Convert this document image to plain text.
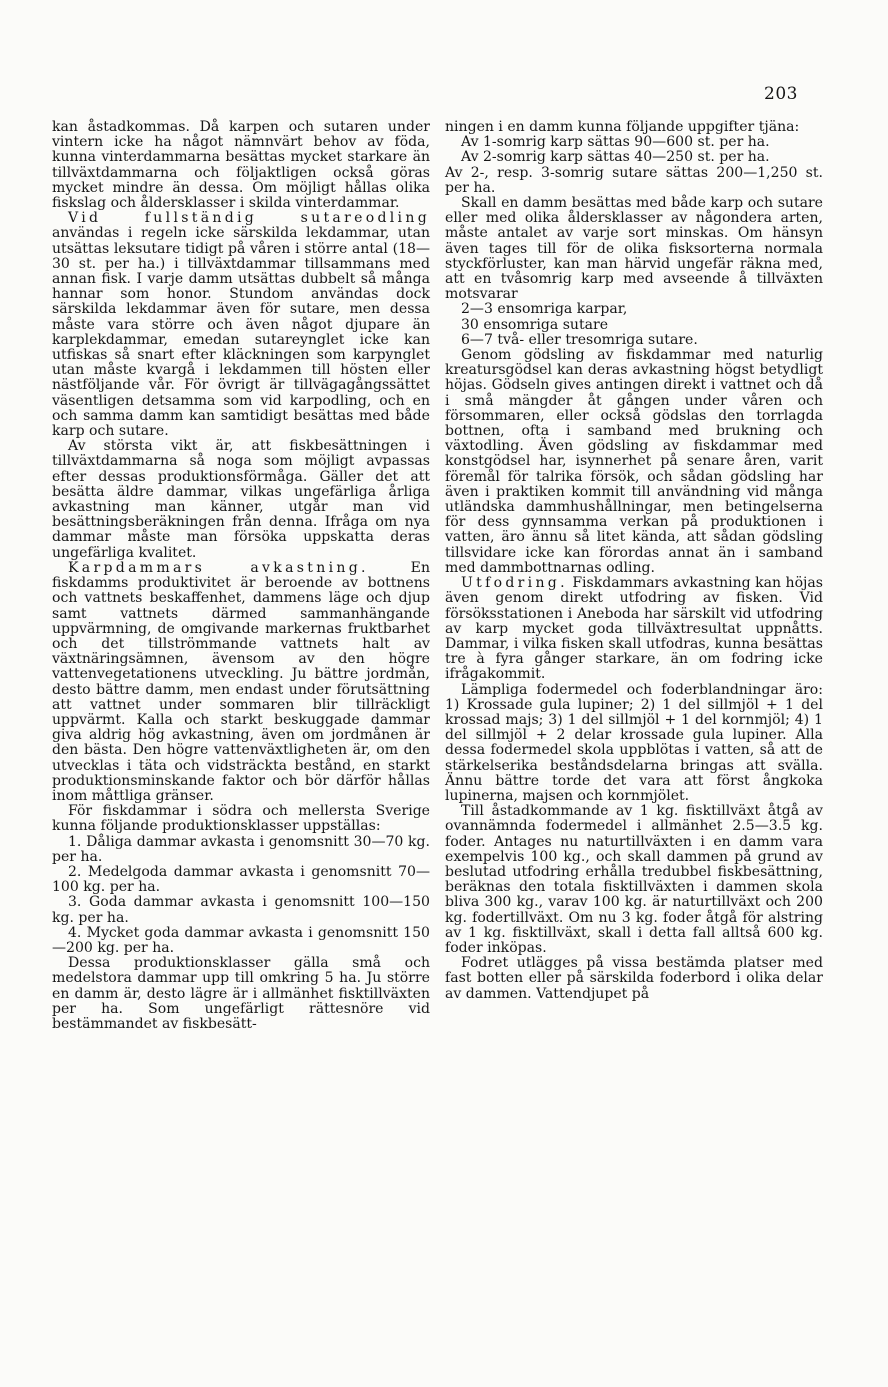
203

kan åstadkommas. Då karpen och sutaren under vintern icke ha något nämnvärt behov av föda, kunna vinterdammarna besättas mycket starkare än tillväxtdammarna och följaktligen också göras mycket mindre än dessa. Om möjligt hållas olika fiskslag och åldersklasser i skilda vinterdammar.

Vid fullständig sutareodling användas i regeln icke särskilda lekdammar, utan utsättas leksutare tidigt på våren i större antal (18—30 st. per ha.) i tillväxtdammar tillsammans med annan fisk. I varje damm utsättas dubbelt så många hannar som honor. Stundom användas dock särskilda lekdammar även för sutare, men dessa måste vara större och även något djupare än karplekdammar, emedan sutareynglet icke kan utfiskas så snart efter kläckningen som karpynglet utan måste kvargå i lekdammen till hösten eller nästföljande vår. För övrigt är tillvägagångssättet väsentligen detsamma som vid karpodling, och en och samma damm kan samtidigt besättas med både karp och sutare.

Av största vikt är, att fiskbesättningen i tillväxtdammarna så noga som möjligt avpassas efter dessas produktionsförmåga. Gäller det att besätta äldre dammar, vilkas ungefärliga årliga avkastning man känner, utgår man vid besättningsberäkningen från denna. Ifråga om nya dammar måste man försöka uppskatta deras ungefärliga kvalitet.

Karpdammars avkastning. En fiskdamms produktivitet är beroende av bottnens och vattnets beskaffenhet, dammens läge och djup samt vattnets därmed sammanhängande uppvärmning, de omgivande markernas fruktbarhet och det tillströmmande vattnets halt av växtnäringsämnen, ävensom av den högre vattenvegetationens utveckling. Ju bättre jordmån, desto bättre damm, men endast under förutsättning att vattnet under sommaren blir tillräckligt uppvärmt. Kalla och starkt beskuggade dammar giva aldrig hög avkastning, även om jordmånen är den bästa. Den högre vattenväxtligheten är, om den utvecklas i täta och vidsträckta bestånd, en starkt produktionsminskande faktor och bör därför hållas inom måttliga gränser.

För fiskdammar i södra och mellersta Sverige kunna följande produktionsklasser uppställas:

1. Dåliga dammar avkasta i genomsnitt 30—70 kg. per ha.

2. Medelgoda dammar avkasta i genomsnitt 70—100 kg. per ha.

3. Goda dammar avkasta i genomsnitt 100—150 kg. per ha.

4. Mycket goda dammar avkasta i genomsnitt 150—200 kg. per ha.

Dessa produktionsklasser gälla små och medelstora dammar upp till omkring 5 ha. Ju större en damm är, desto lägre är i allmänhet fisktillväxten per ha. Som ungefärligt rättesnöre vid bestämmandet av fiskbesätt-

ningen i en damm kunna följande uppgifter tjäna:

Av 1-somrig karp sättas 90—600 st. per ha.

Av 2-somrig karp sättas 40—250 st. per ha.

Av 2-, resp. 3-somrig sutare sättas 200—1,250 st. per ha.

Skall en damm besättas med både karp och sutare eller med olika åldersklasser av någondera arten, måste antalet av varje sort minskas. Om hänsyn även tages till för de olika fisksorterna normala styckförluster, kan man härvid ungefär räkna med, att en tvåsomrig karp med avseende å tillväxten motsvarar

2—3 ensomriga karpar,

30 ensomriga sutare

6—7 två- eller tresomriga sutare.

Genom gödsling av fiskdammar med naturlig kreatursgödsel kan deras avkastning högst betydligt höjas. Gödseln gives antingen direkt i vattnet och då i små mängder åt gången under våren och försommaren, eller också gödslas den torrlagda bottnen, ofta i samband med brukning och växtodling. Även gödsling av fiskdammar med konstgödsel har, isynnerhet på senare åren, varit föremål för talrika försök, och sådan gödsling har även i praktiken kommit till användning vid många utländska dammhushållningar, men betingelserna för dess gynnsamma verkan på produktionen i vatten, äro ännu så litet kända, att sådan gödsling tillsvidare icke kan förordas annat än i samband med dammbottnarnas odling.

Utfodring. Fiskdammars avkastning kan höjas även genom direkt utfodring av fisken. Vid försöksstationen i Aneboda har särskilt vid utfodring av karp mycket goda tillväxtresultat uppnåtts. Dammar, i vilka fisken skall utfodras, kunna besättas tre à fyra gånger starkare, än om fodring icke ifrågakommit.

Lämpliga fodermedel och foderblandningar äro: 1) Krossade gula lupiner; 2) 1 del sillmjöl + 1 del krossad majs; 3) 1 del sillmjöl + 1 del kornmjöl; 4) 1 del sillmjöl + 2 delar krossade gula lupiner. Alla dessa fodermedel skola uppblötas i vatten, så att de stärkelserika beståndsdelarna bringas att svälla. Ännu bättre torde det vara att först ångkoka lupinerna, majsen och kornmjölet.

Till åstadkommande av 1 kg. fisktillväxt åtgå av ovannämnda fodermedel i allmänhet 2.5—3.5 kg. foder. Antages nu naturtillväxten i en damm vara exempelvis 100 kg., och skall dammen på grund av beslutad utfodring erhålla tredubbel fiskbesättning, beräknas den totala fisktillväxten i dammen skola bliva 300 kg., varav 100 kg. är naturtillväxt och 200 kg. fodertillväxt. Om nu 3 kg. foder åtgå för alstring av 1 kg. fisktillväxt, skall i detta fall alltså 600 kg. foder inköpas.

Fodret utlägges på vissa bestämda platser med fast botten eller på särskilda foderbord i olika delar av dammen. Vattendjupet på
